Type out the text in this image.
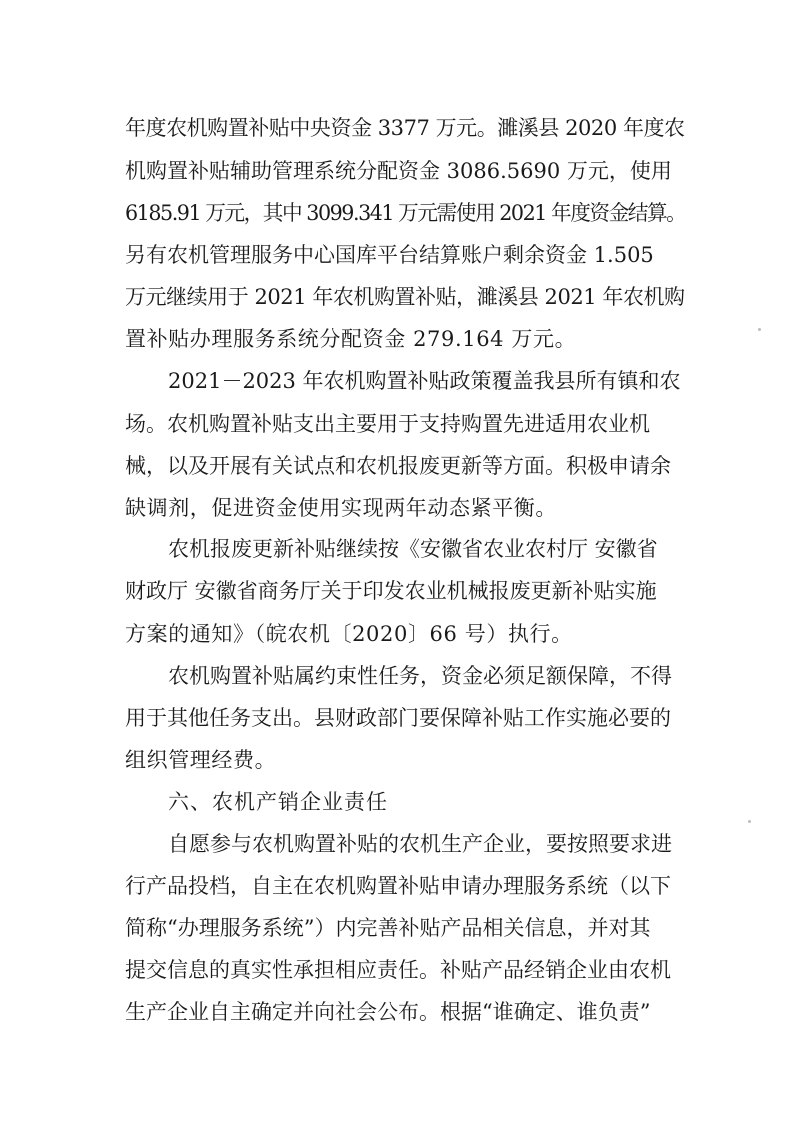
年度农机购置补贴中央资金 3377 万元。濉溪县 2020 年度农
机购置补贴辅助管理系统分配资金 3086.5690 万元，使用
6185.91 万元，其中 3099.341 万元需使用 2021 年度资金结算。
另有农机管理服务中心国库平台结算账户剩余资金 1.505
万元继续用于 2021 年农机购置补贴，濉溪县 2021 年农机购
置补贴办理服务系统分配资金 279.164 万元。
2021－2023 年农机购置补贴政策覆盖我县所有镇和农
场。农机购置补贴支出主要用于支持购置先进适用农业机
械，以及开展有关试点和农机报废更新等方面。积极申请余
缺调剂，促进资金使用实现两年动态紧平衡。
农机报废更新补贴继续按《安徽省农业农村厅 安徽省
财政厅 安徽省商务厅关于印发农业机械报废更新补贴实施
方案的通知》（皖农机〔2020〕66 号）执行。
农机购置补贴属约束性任务，资金必须足额保障，不得
用于其他任务支出。县财政部门要保障补贴工作实施必要的
组织管理经费。
六、农机产销企业责任
自愿参与农机购置补贴的农机生产企业，要按照要求进
行产品投档，自主在农机购置补贴申请办理服务系统（以下
简称“办理服务系统”）内完善补贴产品相关信息，并对其
提交信息的真实性承担相应责任。补贴产品经销企业由农机
生产企业自主确定并向社会公布。根据“谁确定、谁负责”
